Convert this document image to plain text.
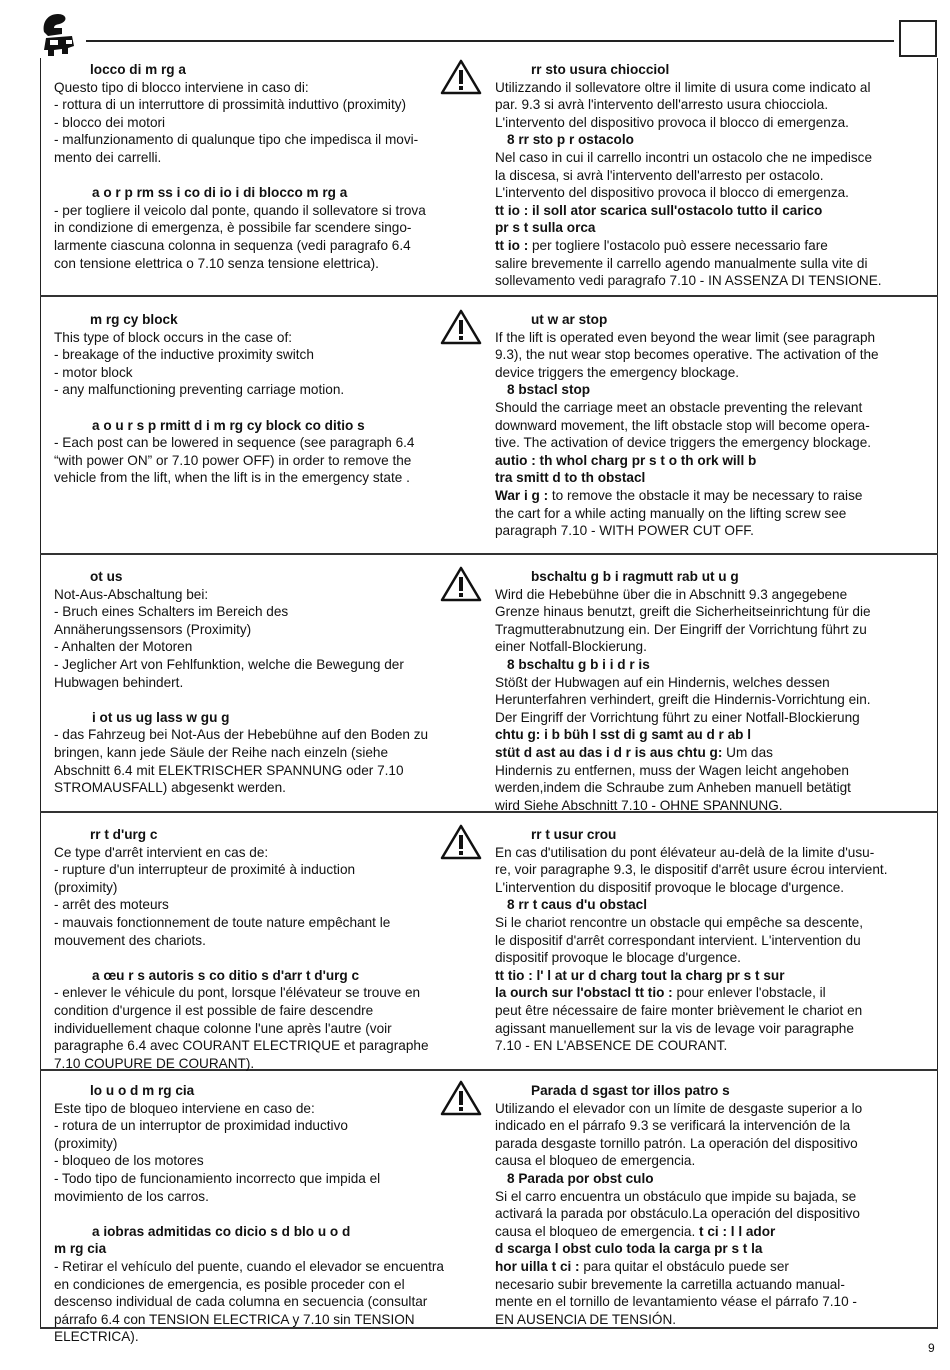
locco di m rg a
Questo tipo di blocco interviene in caso di:
- rottura di un interruttore di prossimità induttivo (proximity)
- blocco dei motori
- malfunzionamento di qualunque tipo che impedisca il movi-
mento dei carrelli.
a o r p rm ss i co di io i di blocco m rg a
- per togliere il veicolo dal ponte, quando il sollevatore si trova
in condizione di emergenza, è possibile far scendere singo-
larmente ciascuna colonna in sequenza (vedi paragrafo 6.4
con tensione elettrica o 7.10 senza tensione elettrica).
rr sto usura chiocciol
Utilizzando il sollevatore oltre il limite di usura come indicato al
par. 9.3 si avrà l'intervento dell'arresto usura chiocciola.
L'intervento del dispositivo provoca il blocco di emergenza.
8 rr sto p r ostacolo
Nel caso in cui il carrello incontri un ostacolo che ne impedisce
la discesa, si avrà l'intervento dell'arresto per ostacolo.
L'intervento del dispositivo provoca il blocco di emergenza.
tt io : il soll ator scarica sull'ostacolo tutto il carico
pr s t sulla orca
tt io : per togliere l'ostacolo può essere necessario fare
salire brevemente il carrello agendo manualmente sulla vite di
sollevamento vedi paragrafo 7.10 - IN ASSENZA DI TENSIONE.
m rg cy block
This type of block occurs in the case of:
- breakage of the inductive proximity switch
- motor block
- any malfunctioning preventing carriage motion.
a o u r s p rmitt d i m rg cy block co ditio s
- Each post can be lowered in sequence (see paragraph 6.4
“with power ON” or 7.10 power OFF) in order to remove the
vehicle from the lift, when the lift is in the emergency state .
ut w ar stop
If the lift is operated even beyond the wear limit (see paragraph
9.3), the nut wear stop becomes operative. The activation of the
device triggers the emergency blockage.
8 bstacl stop
Should the carriage meet an obstacle preventing the relevant
downward movement, the lift obstacle stop will become opera-
tive. The activation of device triggers the emergency blockage.
autio : th whol charg pr s t o th ork will b
tra smitt d to th obstacl
War i g : to remove the obstacle it may be necessary to raise
the cart for a while acting manually on the lifting screw see
paragraph 7.10 - WITH POWER CUT OFF.
ot us
Not-Aus-Abschaltung bei:
- Bruch eines Schalters im Bereich des
Annäherungssensors (Proximity)
- Anhalten der Motoren
- Jeglicher Art von Fehlfunktion, welche die Bewegung der
Hubwagen behindert.
i ot us ug lass w gu g
- das Fahrzeug bei Not-Aus der Hebebühne auf den Boden zu
bringen, kann jede Säule der Reihe nach einzeln (siehe
Abschnitt 6.4 mit ELEKTRISCHER SPANNUNG oder 7.10
STROMAUSFALL) abgesenkt werden.
bschaltu g b i ragmutt rab ut u g
Wird die Hebebühne über die in Abschnitt 9.3 angegebene
Grenze hinaus benutzt, greift die Sicherheitseinrichtung für die
Tragmutterabnutzung ein. Der Eingriff der Vorrichtung führt zu
einer Notfall-Blockierung.
8 bschaltu g b i i d r is
Stößt der Hubwagen auf ein Hindernis, welches dessen
Herunterfahren verhindert, greift die Hindernis-Vorrichtung ein.
Der Eingriff der Vorrichtung führt zu einer Notfall-Blockierung
chtu g: i b büh l sst di g samt au d r ab l
stüt d ast au das i d r is aus chtu g: Um das
Hindernis zu entfernen, muss der Wagen leicht angehoben
werden,indem die Schraube zum Anheben manuell betätigt
wird Siehe Abschnitt 7.10 - OHNE SPANNUNG.
rr t d'urg c
Ce type d'arrêt intervient en cas de:
- rupture d'un interrupteur de proximité à induction
(proximity)
- arrêt des moteurs
- mauvais fonctionnement de toute nature empêchant le
mouvement des chariots.
a œu r s autoris s co ditio s d'arr t d'urg c
- enlever le véhicule du pont, lorsque l'élévateur se trouve en
condition d'urgence il est possible de faire descendre
individuellement chaque colonne l'une après l'autre (voir
paragraphe 6.4 avec COURANT ELECTRIQUE et paragraphe
7.10 COUPURE DE COURANT).
rr t usur crou
En cas d'utilisation du pont élévateur au-delà de la limite d'usu-
re, voir paragraphe 9.3, le dispositif d'arrêt usure écrou intervient.
L'intervention du dispositif provoque le blocage d'urgence.
8 rr t caus d'u obstacl
Si le chariot rencontre un obstacle qui empêche sa descente,
le dispositif d'arrêt correspondant intervient. L'intervention du
dispositif provoque le blocage d'urgence.
tt tio : l' l at ur d charg tout la charg pr s t sur
la ourch sur l'obstacl tt tio : pour enlever l'obstacle, il
peut être nécessaire de faire monter brièvement le chariot en
agissant manuellement sur la vis de levage voir paragraphe
7.10 - EN L'ABSENCE DE COURANT.
lo u o d m rg cia
Este tipo de bloqueo interviene en caso de:
- rotura de un interruptor de proximidad inductivo
(proximity)
- bloqueo de los motores
- Todo tipo de funcionamiento incorrecto que impida el
movimiento de los carros.
a iobras admitidas co dicio s d blo u o d
m rg cia
- Retirar el vehículo del puente, cuando el elevador se encuentra
en condiciones de emergencia, es posible proceder con el
descenso individual de cada columna en secuencia (consultar
párrafo 6.4 con TENSION ELECTRICA y 7.10 sin TENSION
ELECTRICA).
Parada d sgast tor illos patro s
Utilizando el elevador con un límite de desgaste superior a lo
indicado en el párrafo 9.3 se verificará la intervención de la
parada desgaste tornillo patrón. La operación del dispositivo
causa el bloqueo de emergencia.
8 Parada por obst culo
Si el carro encuentra un obstáculo que impide su bajada, se
activará la parada por obstáculo.La operación del dispositivo
causa el bloqueo de emergencia. t ci : l l ador
d scarga l obst culo toda la carga pr s t la
hor uilla t ci : para quitar el obstáculo puede ser
necesario subir brevemente la carretilla actuando manual-
mente en el tornillo de levantamiento véase el párrafo 7.10 -
EN AUSENCIA DE TENSIÓN.
9
